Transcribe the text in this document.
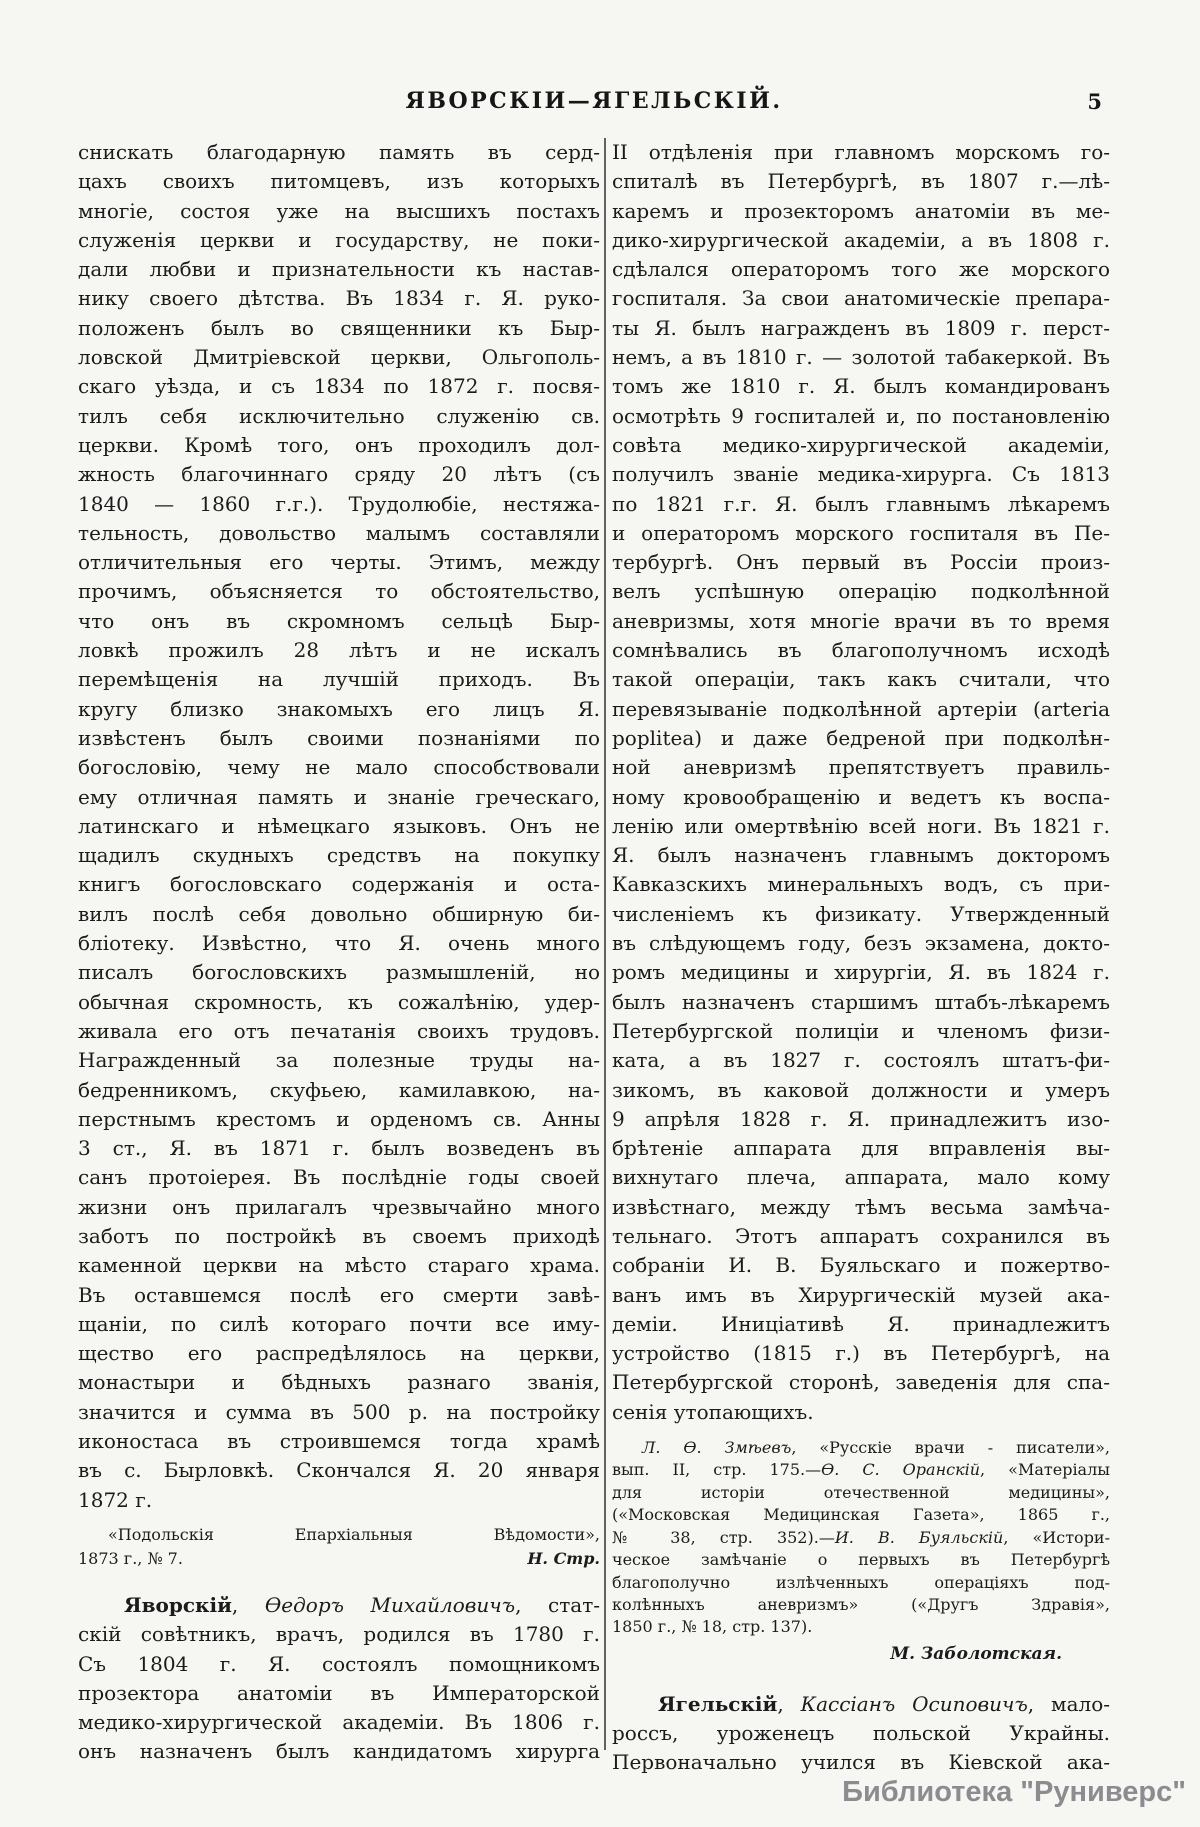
ЯВОРСКІИ—ЯГЕЛЬСКІЙ.	5
снискать благодарную память въ серд-
цахъ своихъ питомцевъ, изъ которыхъ
многіе, состоя уже на высшихъ постахъ
служенія церкви и государству, не поки-
дали любви и признательности къ настав-
нику своего дѣтства. Въ 1834 г. Я. руко-
положенъ былъ во священники къ Быр-
ловской Дмитріевской церкви, Ольгополь-
скаго уѣзда, и съ 1834 по 1872 г. посвя-
тилъ себя исключительно служенію св.
церкви. Кромѣ того, онъ проходилъ дол-
жность благочиннаго сряду 20 лѣтъ (съ
1840 — 1860 г.г.). Трудолюбіе, нестяжа-
тельность, довольство малымъ составляли
отличительныя его черты. Этимъ, между
прочимъ, объясняется то обстоятельство,
что онъ въ скромномъ сельцѣ Быр-
ловкѣ прожилъ 28 лѣтъ и не искалъ
перемѣщенія на лучшій приходъ. Въ
кругу близко знакомыхъ его лицъ Я.
извѣстенъ былъ своими познаніями по
богословію, чему не мало способствовали
ему отличная память и знаніе греческаго,
латинскаго и нѣмецкаго языковъ. Онъ не
щадилъ скудныхъ средствъ на покупку
книгъ богословскаго содержанія и оста-
вилъ послѣ себя довольно обширную би-
бліотеку. Извѣстно, что Я. очень много
писалъ богословскихъ размышленій, но
обычная скромность, къ сожалѣнію, удер-
живала его отъ печатанія своихъ трудовъ.
Награжденный за полезные труды на-
бедренникомъ, скуфьею, камилавкою, на-
перстнымъ крестомъ и орденомъ св. Анны
3 ст., Я. въ 1871 г. былъ возведенъ въ
санъ протоіерея. Въ послѣдніе годы своей
жизни онъ прилагалъ чрезвычайно много
заботъ по постройкѣ въ своемъ приходѣ
каменной церкви на мѣсто стараго храма.
Въ оставшемся послѣ его смерти завѣ-
щаніи, по силѣ котораго почти все иму-
щество его распредѣлялось на церкви,
монастыри и бѣдныхъ разнаго званія,
значится и сумма въ 500 р. на постройку
иконостаса въ строившемся тогда храмѣ
въ с. Бырловкѣ. Скончался Я. 20 января
1872 г.
«Подольскія Епархіальныя Вѣдомости»,
1873 г., № 7.	Н. Стр.
Яворскій, Ѳедоръ Михайловичъ, стат-
скій совѣтникъ, врачъ, родился въ 1780 г.
Съ 1804 г. Я. состоялъ помощникомъ
прозектора анатоміи въ Императорской
медико-хирургической академіи. Въ 1806 г.
онъ назначенъ былъ кандидатомъ хирурга
II отдѣленія при главномъ морскомъ го-
спиталѣ въ Петербургѣ, въ 1807 г.—лѣ-
каремъ и прозекторомъ анатоміи въ ме-
дико-хирургической академіи, а въ 1808 г.
сдѣлался операторомъ того же морского
госпиталя. За свои анатомическіе препара-
ты Я. былъ награжденъ въ 1809 г. перст-
немъ, а въ 1810 г. — золотой табакеркой. Въ
томъ же 1810 г. Я. былъ командированъ
осмотрѣть 9 госпиталей и, по постановленію
совѣта медико-хирургической академіи,
получилъ званіе медика-хирурга. Съ 1813
по 1821 г.г. Я. былъ главнымъ лѣкаремъ
и операторомъ морского госпиталя въ Пе-
тербургѣ. Онъ первый въ Россіи произ-
велъ успѣшную операцію подколѣнной
аневризмы, хотя многіе врачи въ то время
сомнѣвались въ благополучномъ исходѣ
такой операціи, такъ какъ считали, что
перевязываніе подколѣнной артеріи (arteria
poplitea) и даже бедреной при подколѣн-
ной аневризмѣ препятствуетъ правиль-
ному кровообращенію и ведетъ къ воспа-
ленію или омертвѣнію всей ноги. Въ 1821 г.
Я. былъ назначенъ главнымъ докторомъ
Кавказскихъ минеральныхъ водъ, съ при-
численіемъ къ физикату. Утвержденный
въ слѣдующемъ году, безъ экзамена, докто-
ромъ медицины и хирургіи, Я. въ 1824 г.
былъ назначенъ старшимъ штабъ-лѣкаремъ
Петербургской полиціи и членомъ физи-
ката, а въ 1827 г. состоялъ штатъ-фи-
зикомъ, въ каковой должности и умеръ
9 апрѣля 1828 г. Я. принадлежитъ изо-
брѣтеніе аппарата для вправленія вы-
вихнутаго плеча, аппарата, мало кому
извѣстнаго, между тѣмъ весьма замѣча-
тельнаго. Этотъ аппаратъ сохранился въ
собраніи И. В. Буяльскаго и пожертво-
ванъ имъ въ Хирургическій музей ака-
деміи. Иниціативѣ Я. принадлежитъ
устройство (1815 г.) въ Петербургѣ, на
Петербургской сторонѣ, заведенія для спа-
сенія утопающихъ.
Л. Ѳ. Змѣевъ, «Русскіе врачи - писатели»,
вып. II, стр. 175.—Ѳ. С. Оранскій, «Матеріалы
для исторіи отечественной медицины»,
(«Московская Медицинская Газета», 1865 г.,
№ 38, стр. 352).—И. В. Буяльскій, «Истори-
ческое замѣчаніе о первыхъ въ Петербургѣ
благополучно излѣченныхъ операціяхъ под-
колѣнныхъ аневризмъ» («Другъ Здравія»,
1850 г., № 18, стр. 137).
М. Заболотская.
Ягельскій, Кассіанъ Осиповичъ, мало-
россъ, уроженецъ польской Украйны.
Первоначально учился въ Кіевской ака-
Библиотека "Руниверс"
